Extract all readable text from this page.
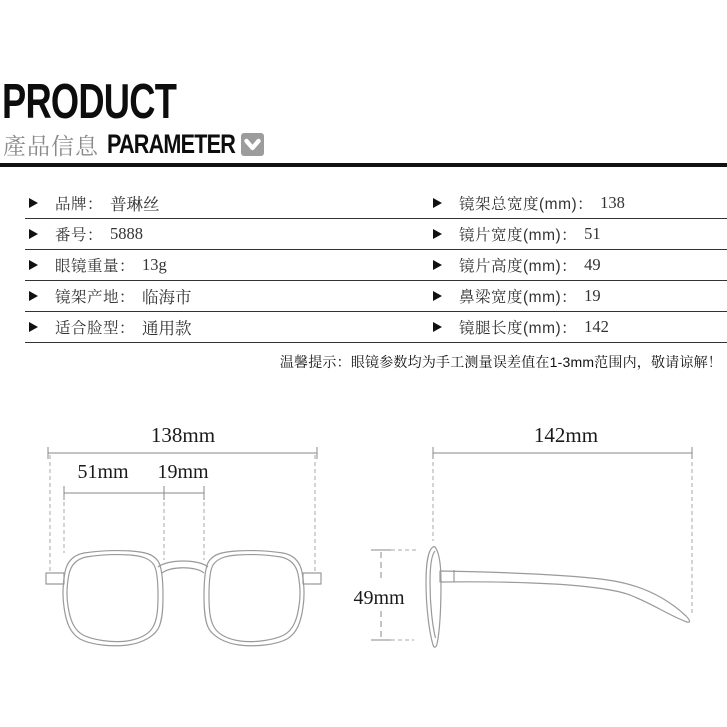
PRODUCT
產品信息 PARAMETER
品牌： 普琳丝	镜架总宽度(mm)： 138
番号： 5888	镜片宽度(mm)： 51
眼镜重量： 13g	镜片高度(mm)： 49
镜架产地： 临海市	鼻梁宽度(mm)： 19
适合脸型： 通用款	镜腿长度(mm)： 142
温馨提示：眼镜参数均为手工测量误差值在1-3mm范围内，敬请谅解！
138mm
51mm 19mm
142mm
49mm
